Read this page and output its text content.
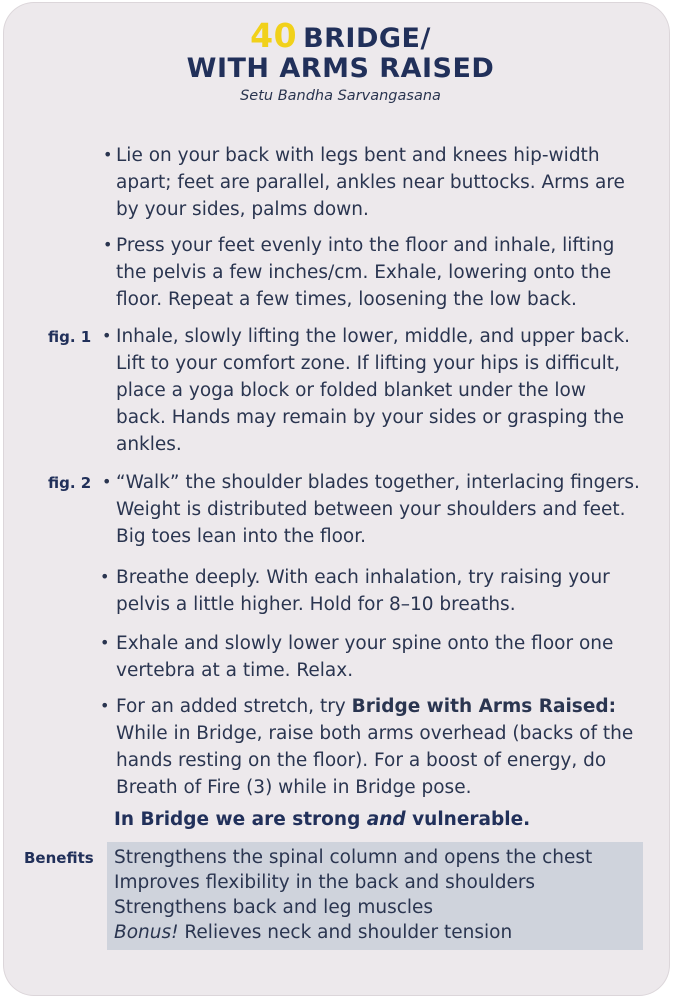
40 BRIDGE/
WITH ARMS RAISED
Setu Bandha Sarvangasana
• Lie on your back with legs bent and knees hip-width
apart; feet are parallel, ankles near buttocks. Arms are
by your sides, palms down.
• Press your feet evenly into the floor and inhale, lifting
the pelvis a few inches/cm. Exhale, lowering onto the
floor. Repeat a few times, loosening the low back.
fig. 1 • Inhale, slowly lifting the lower, middle, and upper back.
Lift to your comfort zone. If lifting your hips is difficult,
place a yoga block or folded blanket under the low
back. Hands may remain by your sides or grasping the
ankles.
fig. 2 • “Walk” the shoulder blades together, interlacing fingers.
Weight is distributed between your shoulders and feet.
Big toes lean into the floor.
• Breathe deeply. With each inhalation, try raising your
pelvis a little higher. Hold for 8–10 breaths.
• Exhale and slowly lower your spine onto the floor one
vertebra at a time. Relax.
• For an added stretch, try Bridge with Arms Raised:
While in Bridge, raise both arms overhead (backs of the
hands resting on the floor). For a boost of energy, do
Breath of Fire (3) while in Bridge pose.
In Bridge we are strong and vulnerable.
Benefits Strengthens the spinal column and opens the chest
Improves flexibility in the back and shoulders
Strengthens back and leg muscles
Bonus! Relieves neck and shoulder tension
